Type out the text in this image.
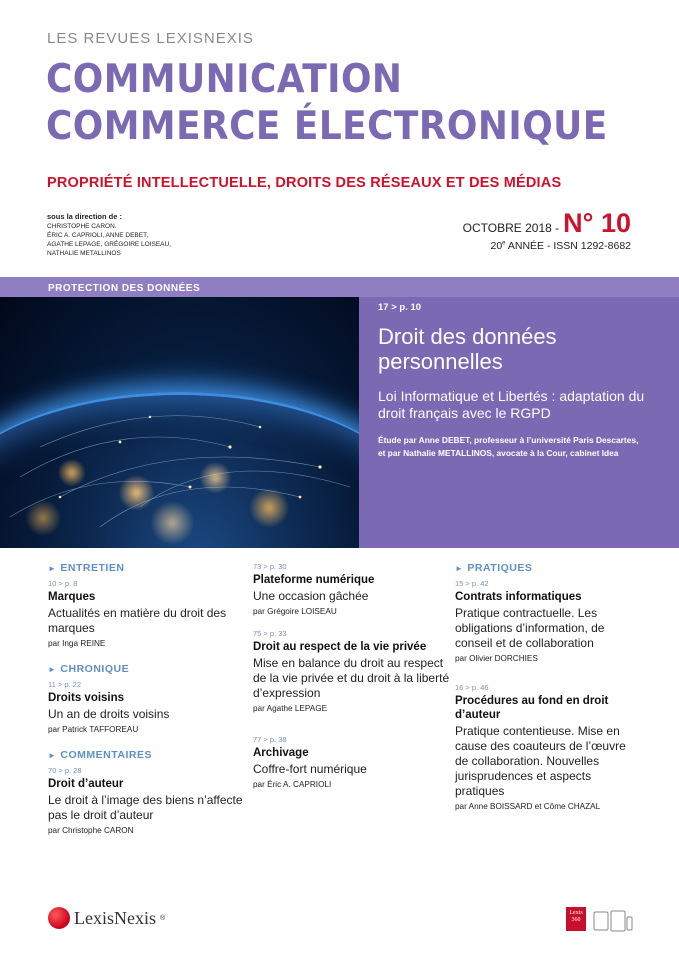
LES REVUES LEXISNEXIS
COMMUNICATION
COMMERCE ÉLECTRONIQUE
PROPRIÉTÉ INTELLECTUELLE, DROITS DES RÉSEAUX ET DES MÉDIAS
sous la direction de :
CHRISTOPHE CARON.
ÉRIC A. CAPRIOLI, ANNE DEBET,
AGATHE LEPAGE, GRÉGOIRE LOISEAU,
NATHALIE METALLINOS
OCTOBRE 2018 - N° 10
20e ANNÉE - ISSN 1292-8682
PROTECTION DES DONNÉES
17 > p. 10
Droit des données personnelles
Loi Informatique et Libertés : adaptation du droit français avec le RGPD
Étude par Anne DEBET, professeur à l’université Paris Descartes,
et par Nathalie METALLINOS, avocate à la Cour, cabinet Idea
► ENTRETIEN
10 > p. 8
Marques
Actualités en matière du droit des marques
par Inga REINE
► CHRONIQUE
11 > p. 22
Droits voisins
Un an de droits voisins
par Patrick TAFFOREAU
► COMMENTAIRES
70 > p. 28
Droit d’auteur
Le droit à l’image des biens n’affecte pas le droit d’auteur
par Christophe CARON
73 > p. 30
Plateforme numérique
Une occasion gâchée
par Grégoire LOISEAU
75 > p. 33
Droit au respect de la vie privée
Mise en balance du droit au respect de la vie privée et du droit à la liberté d’expression
par Agathe LEPAGE
77 > p. 38
Archivage
Coffre-fort numérique
par Éric A. CAPRIOLI
► PRATIQUES
15 > p. 42
Contrats informatiques
Pratique contractuelle. Les obligations d’information, de conseil et de collaboration
par Olivier DORCHIES
16 > p. 46
Procédures au fond en droit d’auteur
Pratique contentieuse. Mise en cause des coauteurs de l’œuvre de collaboration. Nouvelles jurisprudences et aspects pratiques
par Anne BOISSARD et Côme CHAZAL
LexisNexis ®
Lexis
360
